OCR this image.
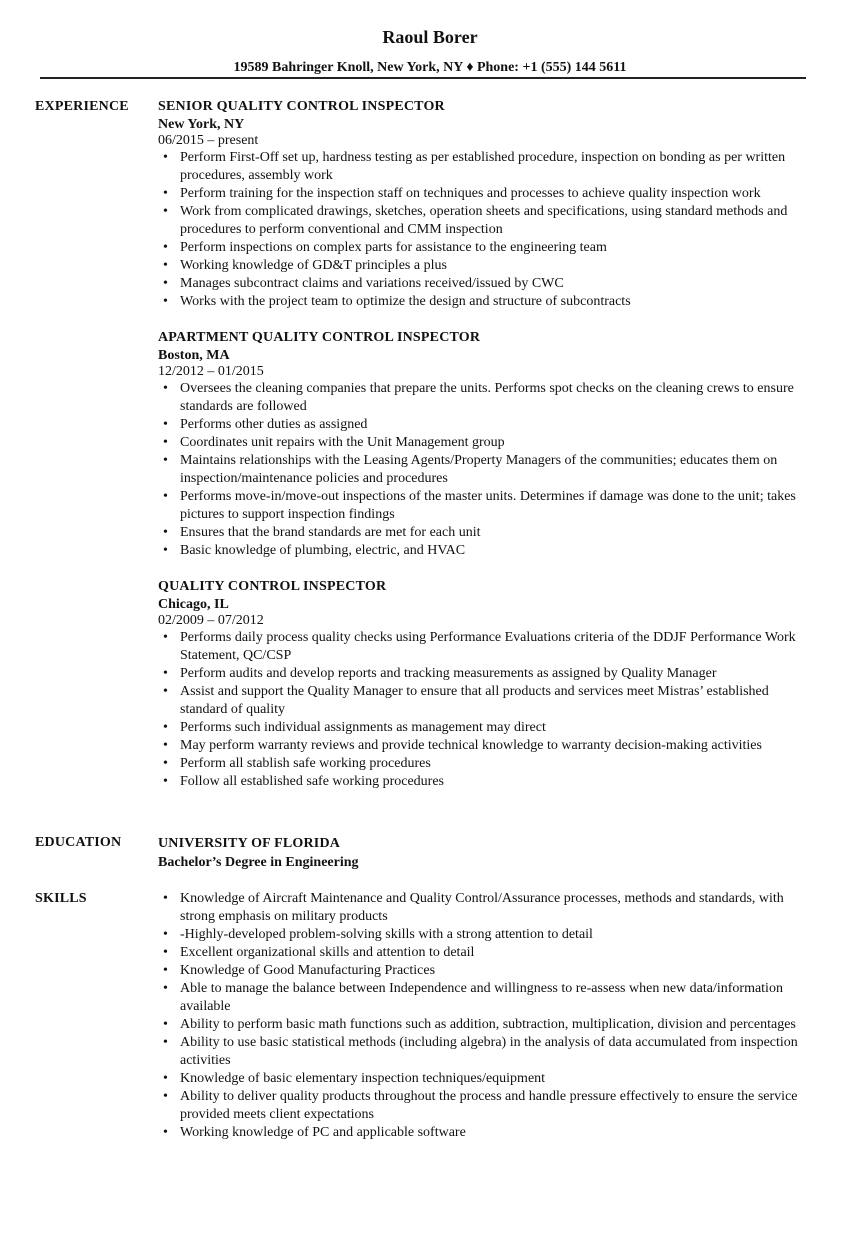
Raoul Borer
19589 Bahringer Knoll, New York, NY ♦ Phone: +1 (555) 144 5611
EXPERIENCE SENIOR QUALITY CONTROL INSPECTOR
New York, NY
06/2015 – present
• Perform First-Off set up, hardness testing as per established procedure, inspection on bonding as per written procedures, assembly work
• Perform training for the inspection staff on techniques and processes to achieve quality inspection work
• Work from complicated drawings, sketches, operation sheets and specifications, using standard methods and procedures to perform conventional and CMM inspection
• Perform inspections on complex parts for assistance to the engineering team
• Working knowledge of GD&T principles a plus
• Manages subcontract claims and variations received/issued by CWC
• Works with the project team to optimize the design and structure of subcontracts
APARTMENT QUALITY CONTROL INSPECTOR
Boston, MA
12/2012 – 01/2015
• Oversees the cleaning companies that prepare the units. Performs spot checks on the cleaning crews to ensure standards are followed
• Performs other duties as assigned
• Coordinates unit repairs with the Unit Management group
• Maintains relationships with the Leasing Agents/Property Managers of the communities; educates them on inspection/maintenance policies and procedures
• Performs move-in/move-out inspections of the master units. Determines if damage was done to the unit; takes pictures to support inspection findings
• Ensures that the brand standards are met for each unit
• Basic knowledge of plumbing, electric, and HVAC
QUALITY CONTROL INSPECTOR
Chicago, IL
02/2009 – 07/2012
• Performs daily process quality checks using Performance Evaluations criteria of the DDJF Performance Work Statement, QC/CSP
• Perform audits and develop reports and tracking measurements as assigned by Quality Manager
• Assist and support the Quality Manager to ensure that all products and services meet Mistras’ established standard of quality
• Performs such individual assignments as management may direct
• May perform warranty reviews and provide technical knowledge to warranty decision-making activities
• Perform all stablish safe working procedures
• Follow all established safe working procedures
EDUCATION	UNIVERSITY OF FLORIDA
Bachelor’s Degree in Engineering
SKILLS
•	Knowledge of Aircraft Maintenance and Quality Control/Assurance processes, methods and standards, with strong emphasis on military products
• -Highly-developed problem-solving skills with a strong attention to detail
• Excellent organizational skills and attention to detail
• Knowledge of Good Manufacturing Practices
• Able to manage the balance between Independence and willingness to re-assess when new data/information available
• Ability to perform basic math functions such as addition, subtraction, multiplication, division and percentages
• Ability to use basic statistical methods (including algebra) in the analysis of data accumulated from inspection activities
• Knowledge of basic elementary inspection techniques/equipment
• Ability to deliver quality products throughout the process and handle pressure effectively to ensure the service provided meets client expectations
• Working knowledge of PC and applicable software
